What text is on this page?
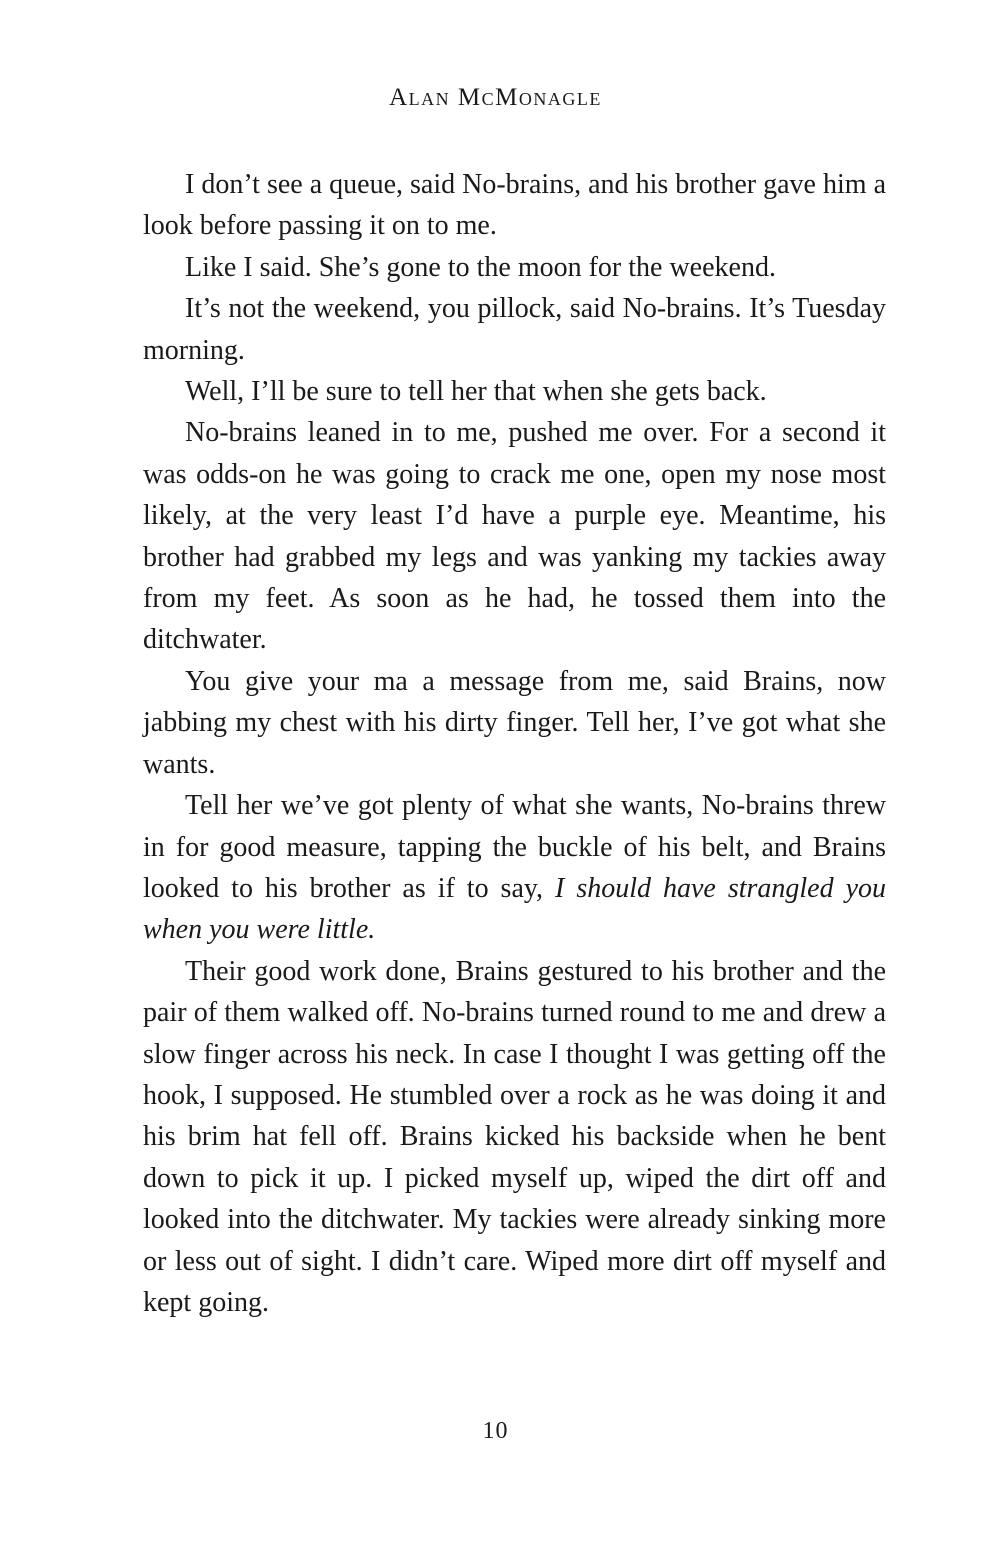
Alan McMonagle

I don’t see a queue, said No-brains, and his brother gave him a look before passing it on to me.

Like I said. She’s gone to the moon for the weekend.

It’s not the weekend, you pillock, said No-brains. It’s Tuesday morning.

Well, I’ll be sure to tell her that when she gets back.

No-brains leaned in to me, pushed me over. For a second it was odds-on he was going to crack me one, open my nose most likely, at the very least I’d have a purple eye. Meantime, his brother had grabbed my legs and was yanking my tackies away from my feet. As soon as he had, he tossed them into the ditchwater.

You give your ma a message from me, said Brains, now jabbing my chest with his dirty finger. Tell her, I’ve got what she wants.

Tell her we’ve got plenty of what she wants, No-brains threw in for good measure, tapping the buckle of his belt, and Brains looked to his brother as if to say, I should have strangled you when you were little.

Their good work done, Brains gestured to his brother and the pair of them walked off. No-brains turned round to me and drew a slow finger across his neck. In case I thought I was getting off the hook, I supposed. He stumbled over a rock as he was doing it and his brim hat fell off. Brains kicked his backside when he bent down to pick it up. I picked myself up, wiped the dirt off and looked into the ditchwater. My tackies were already sinking more or less out of sight. I didn’t care. Wiped more dirt off myself and kept going.

10
